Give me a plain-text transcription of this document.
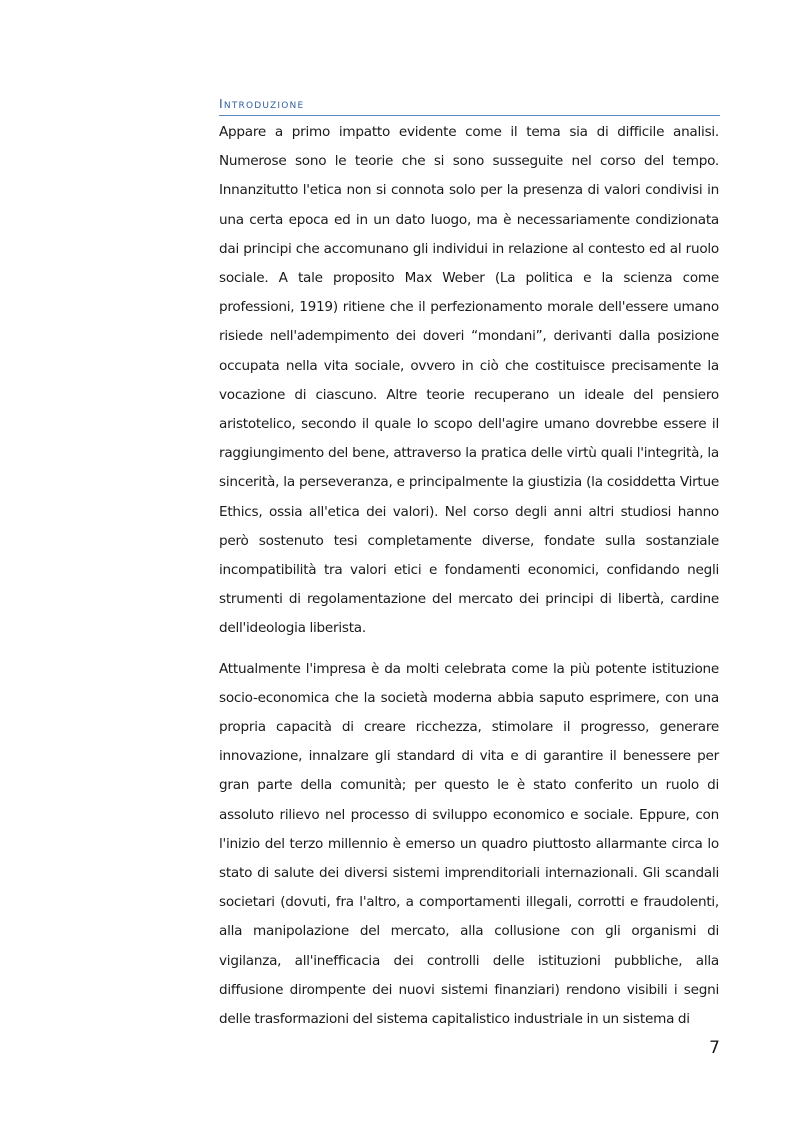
Introduzione

Appare a primo impatto evidente come il tema sia di difficile analisi. Numerose sono le teorie che si sono susseguite nel corso del tempo. Innanzitutto l'etica non si connota solo per la presenza di valori condivisi in una certa epoca ed in un dato luogo, ma è necessariamente condizionata dai principi che accomunano gli individui in relazione al contesto ed al ruolo sociale. A tale proposito Max Weber (La politica e la scienza come professioni, 1919) ritiene che il perfezionamento morale dell'essere umano risiede nell'adempimento dei doveri “mondani”, derivanti dalla posizione occupata nella vita sociale, ovvero in ciò che costituisce precisamente la vocazione di ciascuno. Altre teorie recuperano un ideale del pensiero aristotelico, secondo il quale lo scopo dell'agire umano dovrebbe essere il raggiungimento del bene, attraverso la pratica delle virtù quali l'integrità, la sincerità, la perseveranza, e principalmente la giustizia (la cosiddetta Virtue Ethics, ossia all'etica dei valori). Nel corso degli anni altri studiosi hanno però sostenuto tesi completamente diverse, fondate sulla sostanziale incompatibilità tra valori etici e fondamenti economici, confidando negli strumenti di regolamentazione del mercato dei principi di libertà, cardine dell'ideologia liberista.

Attualmente l'impresa è da molti celebrata come la più potente istituzione socio-economica che la società moderna abbia saputo esprimere, con una propria capacità di creare ricchezza, stimolare il progresso, generare innovazione, innalzare gli standard di vita e di garantire il benessere per gran parte della comunità; per questo le è stato conferito un ruolo di assoluto rilievo nel processo di sviluppo economico e sociale. Eppure, con l'inizio del terzo millennio è emerso un quadro piuttosto allarmante circa lo stato di salute dei diversi sistemi imprenditoriali internazionali. Gli scandali societari (dovuti, fra l'altro, a comportamenti illegali, corrotti e fraudolenti, alla manipolazione del mercato, alla collusione con gli organismi di vigilanza, all'inefficacia dei controlli delle istituzioni pubbliche, alla diffusione dirompente dei nuovi sistemi finanziari) rendono visibili i segni delle trasformazioni del sistema capitalistico industriale in un sistema di

7
